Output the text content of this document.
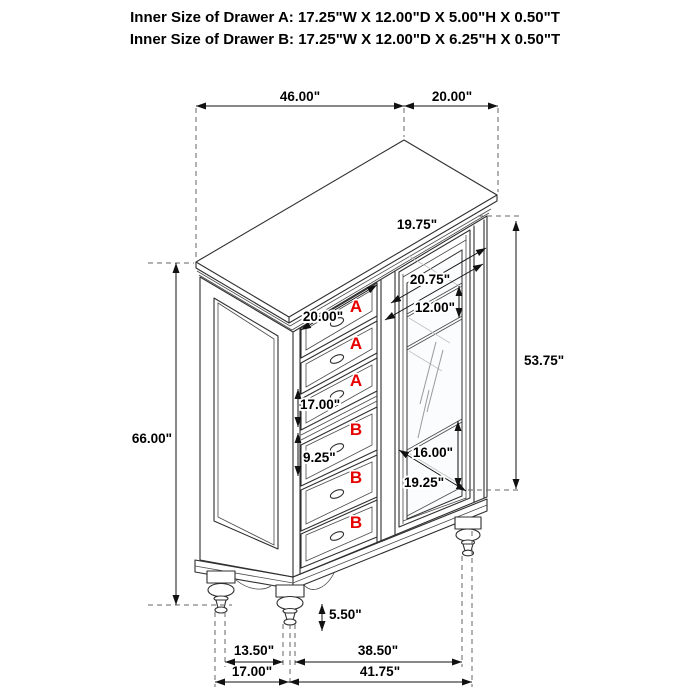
Inner Size of Drawer A: 17.25"W X 12.00"D X 5.00"H X 0.50"T
Inner Size of Drawer B: 17.25"W X 12.00"D X 6.25"H X 0.50"T
A
A
A
B
B
B
46.00"	20.00"
66.00"
19.75"
20.75"
12.00"
53.75"
20.00"
17.00"
9.25"	16.00"
19.25"
5.50"
13.50"	38.50"
17.00"	41.75"
